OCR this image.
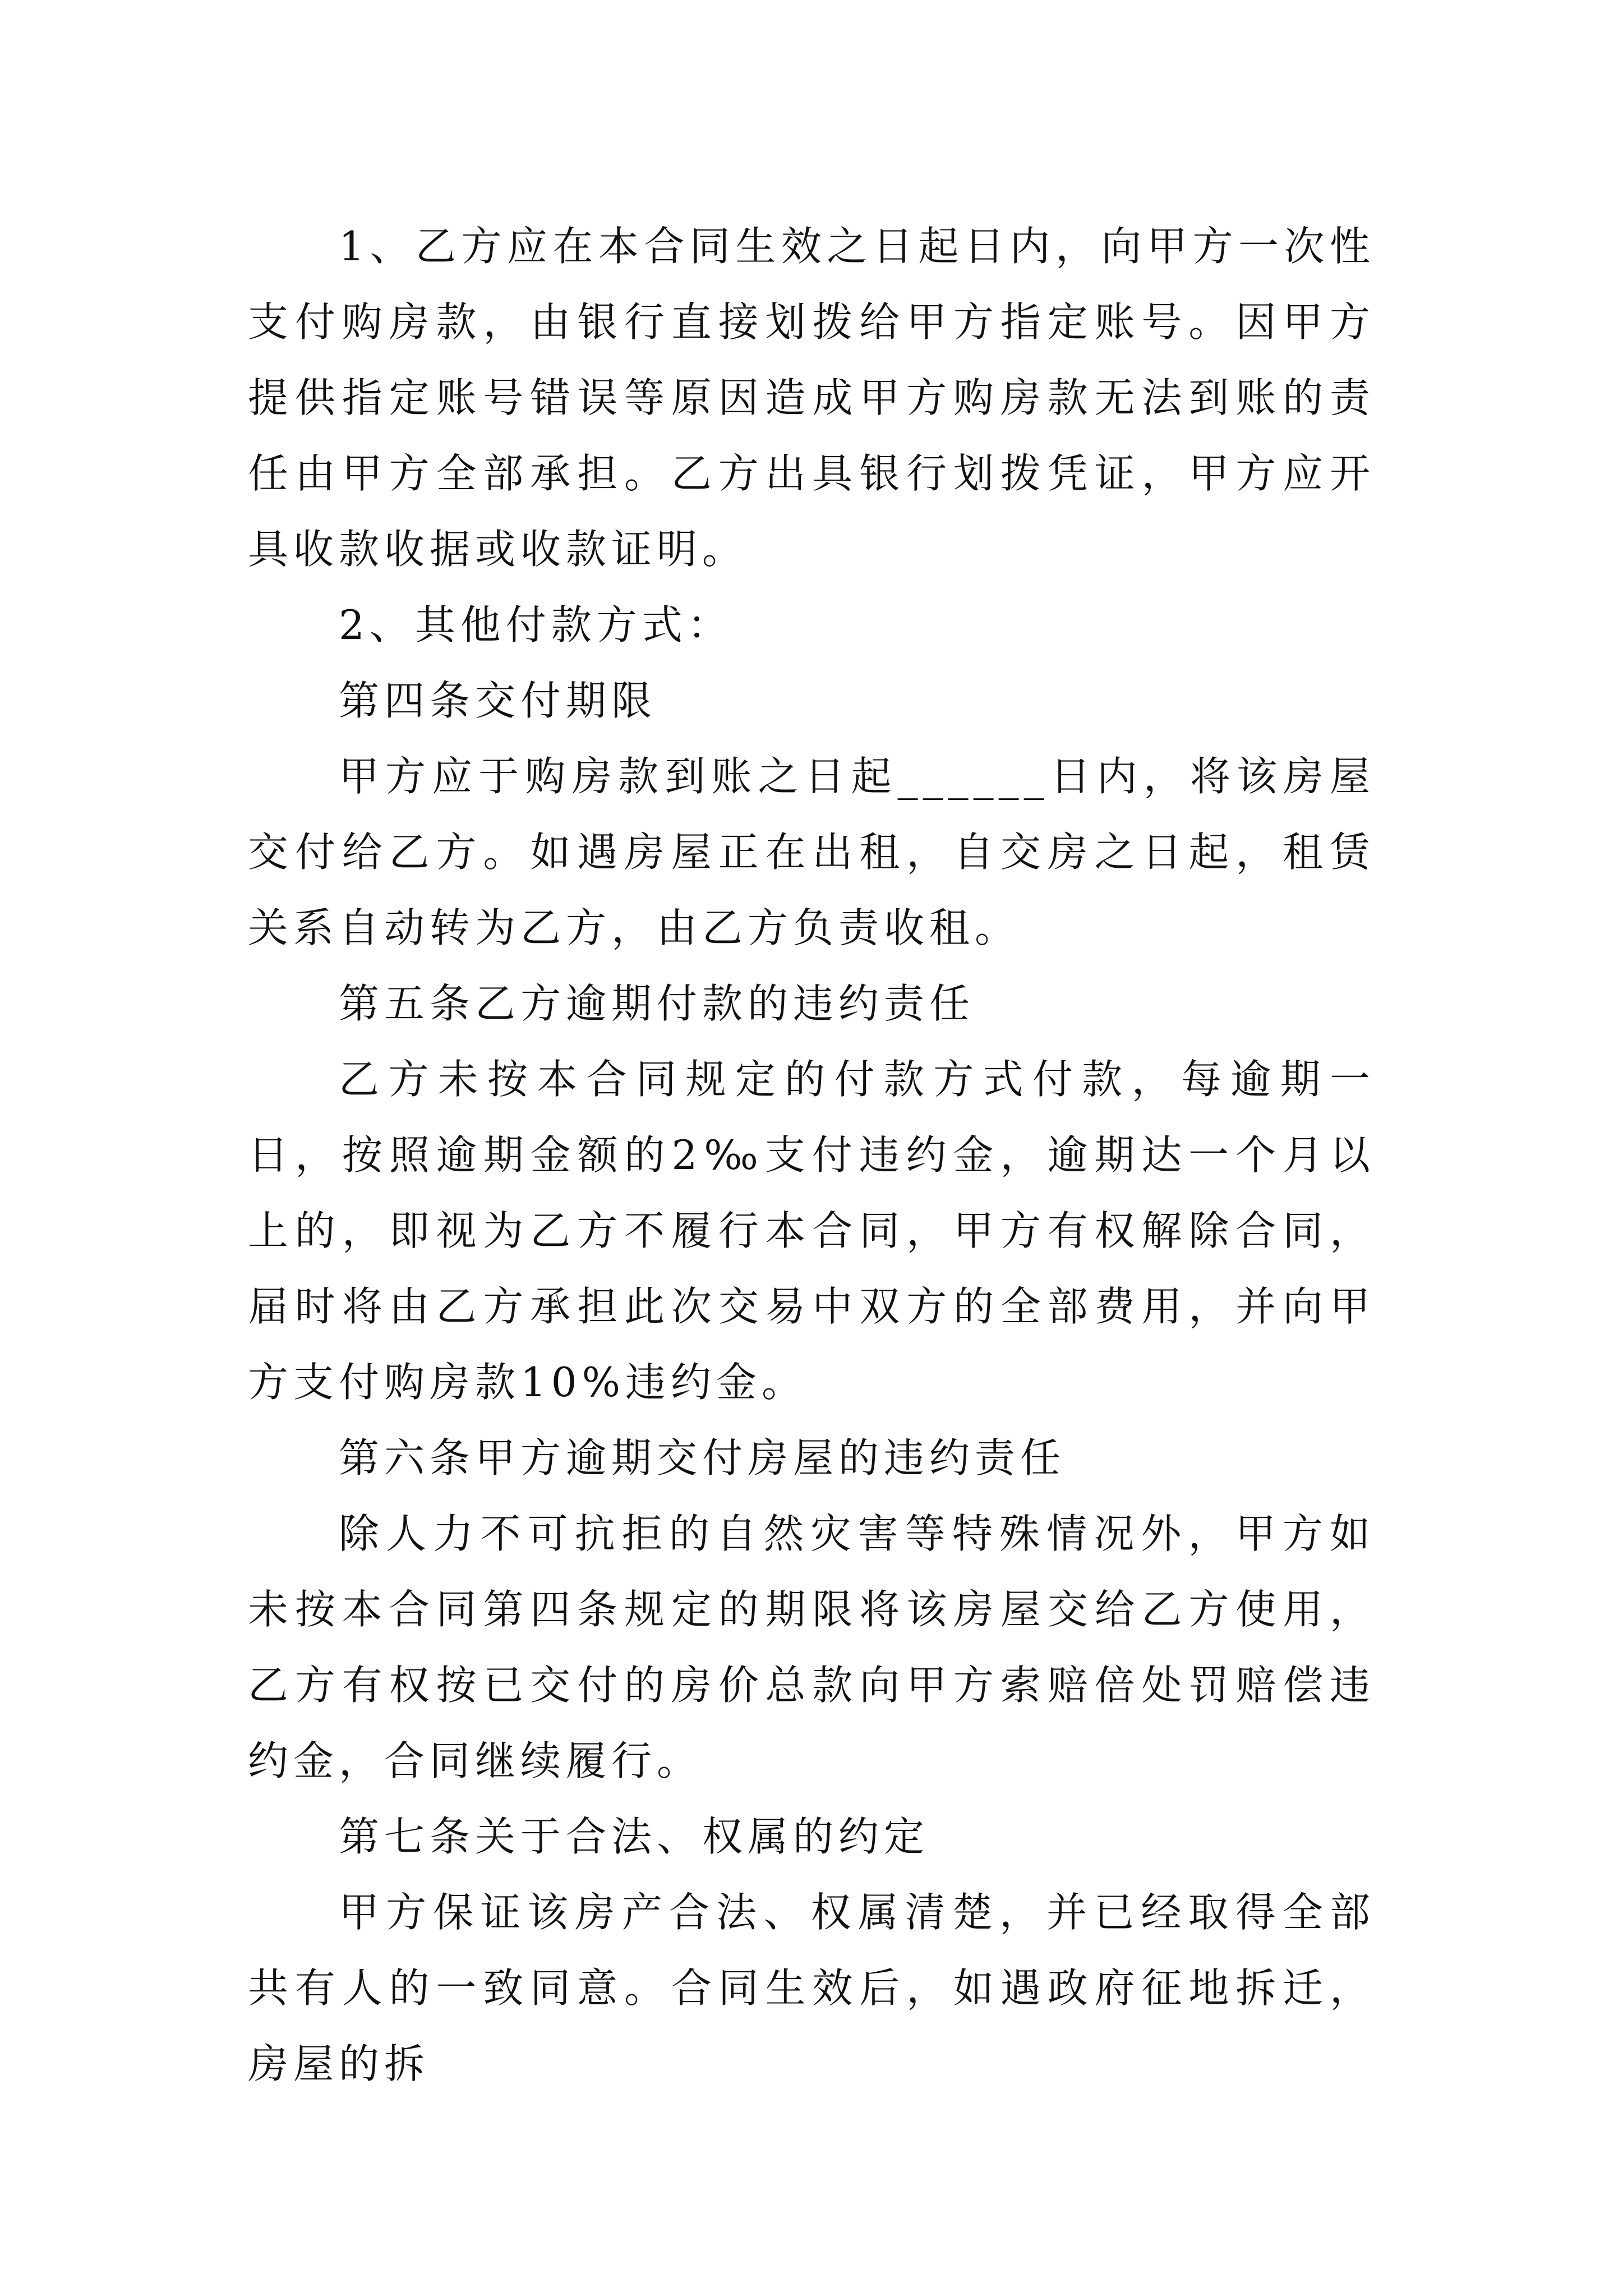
1、乙方应在本合同生效之日起日内，向甲方一次性支付购房款，由银行直接划拨给甲方指定账号。因甲方提供指定账号错误等原因造成甲方购房款无法到账的责任由甲方全部承担。乙方出具银行划拨凭证，甲方应开具收款收据或收款证明。

2、其他付款方式：

第四条交付期限

甲方应于购房款到账之日起______日内，将该房屋交付给乙方。如遇房屋正在出租，自交房之日起，租赁关系自动转为乙方，由乙方负责收租。

第五条乙方逾期付款的违约责任

乙方未按本合同规定的付款方式付款，每逾期一日，按照逾期金额的2‰支付违约金，逾期达一个月以上的，即视为乙方不履行本合同，甲方有权解除合同，届时将由乙方承担此次交易中双方的全部费用，并向甲方支付购房款10%违约金。

第六条甲方逾期交付房屋的违约责任

除人力不可抗拒的自然灾害等特殊情况外，甲方如未按本合同第四条规定的期限将该房屋交给乙方使用，乙方有权按已交付的房价总款向甲方索赔倍处罚赔偿违约金，合同继续履行。

第七条关于合法、权属的约定

甲方保证该房产合法、权属清楚，并已经取得全部共有人的一致同意。合同生效后，如遇政府征地拆迁，房屋的拆
